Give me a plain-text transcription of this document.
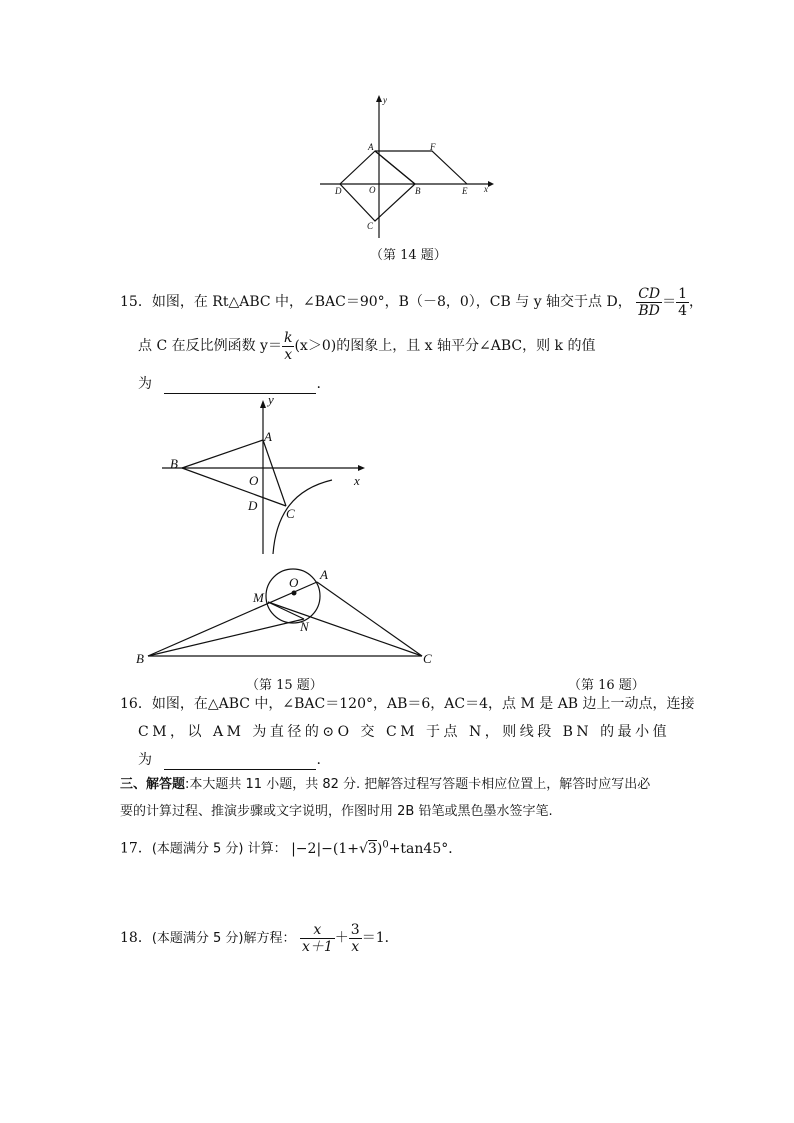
y
x
A	F
D	O	B	E
C
（第 14 题）
15．如图，在 Rt△ABC 中，∠BAC＝90°，B（－8，0），CB 与 y 轴交于点 D， $\frac{CD}{BD} = \frac{1}{4}$ ，
点 C 在反比例函数 $y= \frac{k}{x} (x>0)$的图象上，且 x 轴平分∠ABC，则 k 的值
为	.
y
A
B
O	x
D
C
O
A
M
N
B	C
（第 15 题）	（第 16 题）
16．如图，在△ABC 中，∠BAC＝120°，AB＝6，AC＝4，点 M 是 AB 边上一动点，连接
CM，以 AM 为直径的⊙O 交 CM 于点 N，则线段 BN 的最小值
为	.
三、解答题:本大题共 11 小题，共 82 分. 把解答过程写答题卡相应位置上，解答时应写出必
要的计算过程、推演步骤或文字说明，作图时用 2B 铅笔或黑色墨水签字笔.
17．(本题满分 5 分) 计算： $|-2|-(1+√3)^0+\tan 45^\circ$．
18．(本题满分 5 分)解方程： $\frac{x}{x+1} + \frac{3}{x} =1$．
